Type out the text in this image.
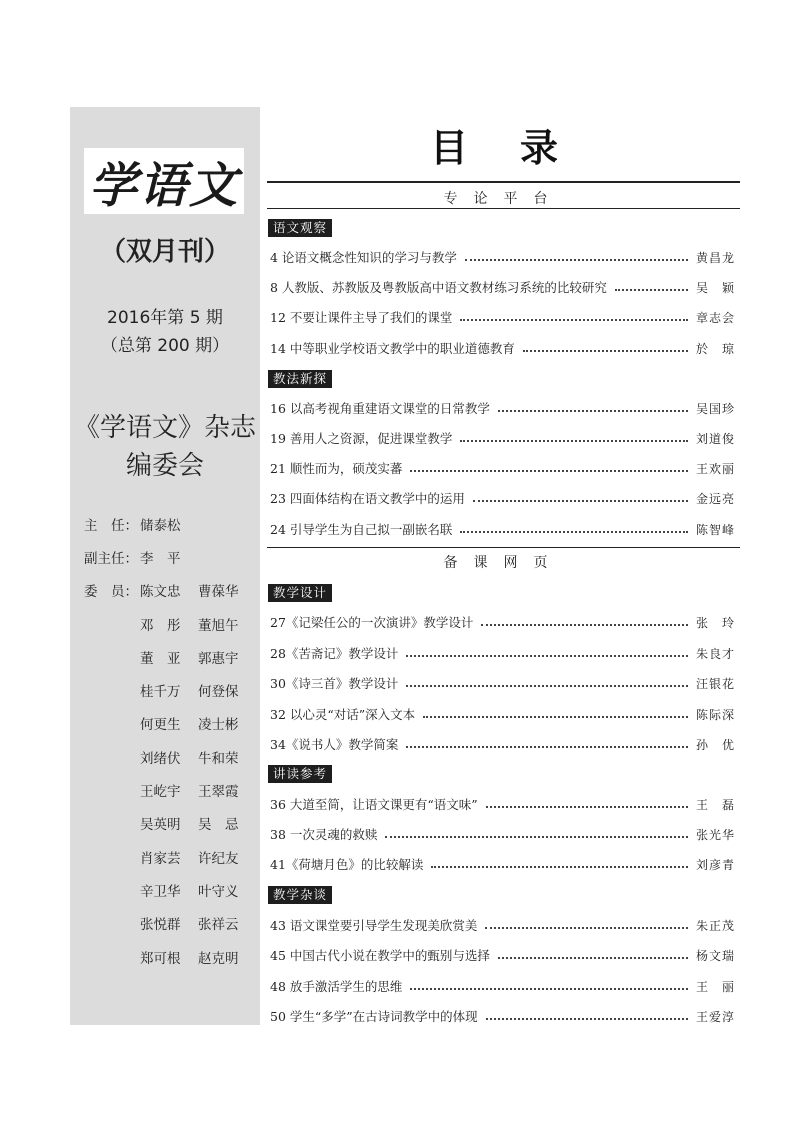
学语文
（双月刊）
2016年第 5 期
（总第 200 期）
《学语文》杂志
编委会
主　任： 储泰松
副主任： 李　平
委　员： 陈文忠	曹葆华
邓　彤	董旭午
董　亚	郭惠宇
桂千万	何登保
何更生	凌士彬
刘绪伏	牛和荣
王屹宇	王翠霞
吴英明	吴　忌
肖家芸	许纪友
辛卫华	叶守义
张悦群	张祥云
郑可根	赵克明
目录
专论平台
语文观察
4 论语文概念性知识的学习与教学	黄昌龙
8 人教版、苏教版及粤教版高中语文教材练习系统的比较研究	吴　颖
12 不要让课件主导了我们的课堂	章志会
14 中等职业学校语文教学中的职业道德教育	於　琼
教法新探
16 以高考视角重建语文课堂的日常教学	吴国珍
19 善用人之资源，促进课堂教学	刘道俊
21 顺性而为，硕茂实蕃	王欢丽
23 四面体结构在语文教学中的运用	金远亮
24 引导学生为自己拟一副嵌名联	陈智峰
备课网页
教学设计
27《记梁任公的一次演讲》教学设计	张　玲
28《苦斋记》教学设计	朱良才
30《诗三首》教学设计	汪银花
32 以心灵“对话”深入文本	陈际深
34《说书人》教学简案	孙　优
讲读参考
36 大道至简，让语文课更有“语文味”	王　磊
38 一次灵魂的救赎	张光华
41《荷塘月色》的比较解读	刘彦青
教学杂谈
43 语文课堂要引导学生发现美欣赏美	朱正茂
45 中国古代小说在教学中的甄别与选择	杨文瑞
48 放手激活学生的思维	王　丽
50 学生“多学”在古诗词教学中的体现	王爱淳
